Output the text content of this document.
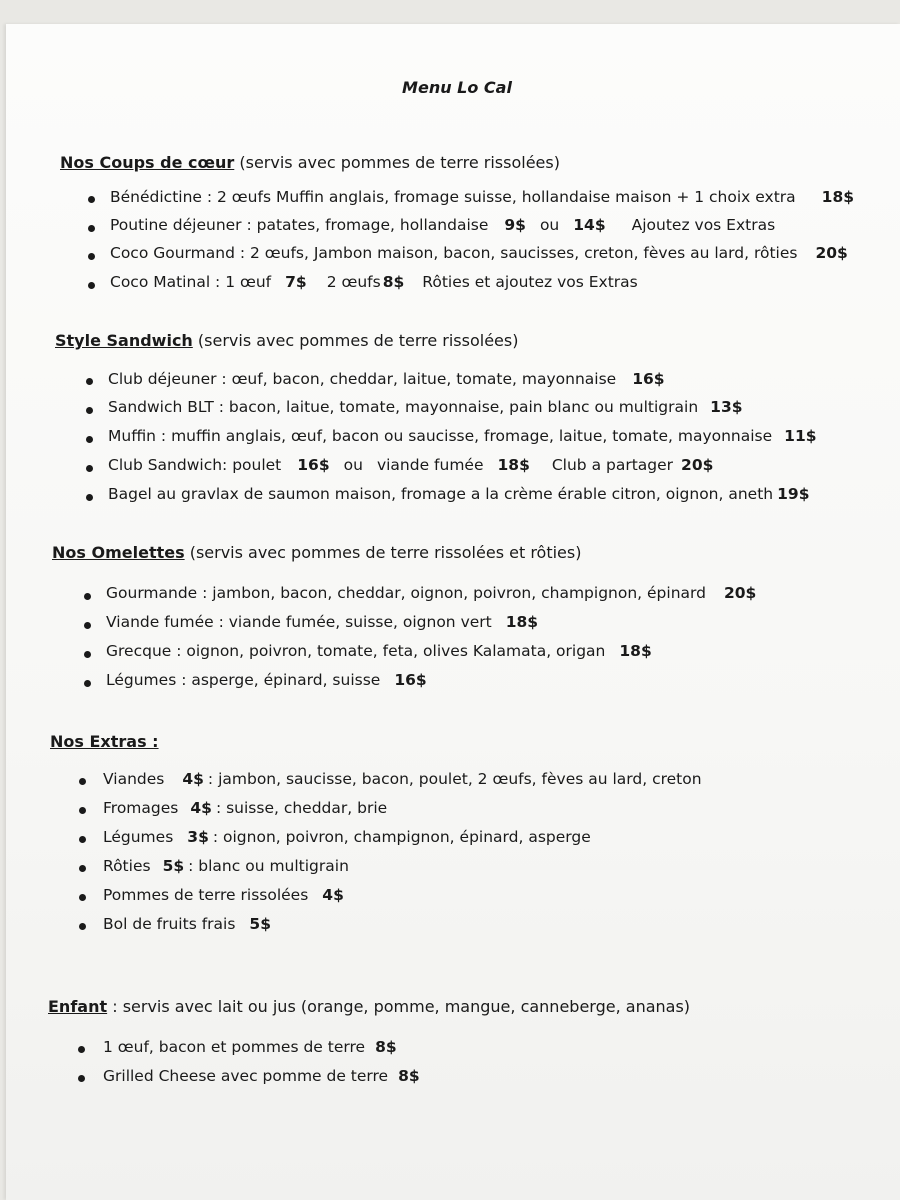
Menu Lo Cal
Nos Coups de cœur (servis avec pommes de terre rissolées)
Bénédictine : 2 œufs Muffin anglais, fromage suisse, hollandaise maison + 1 choix extra 18$
Poutine déjeuner : patates, fromage, hollandaise 9$ ou 14$ Ajoutez vos Extras
Coco Gourmand : 2 œufs, Jambon maison, bacon, saucisses, creton, fèves au lard, rôties 20$
Coco Matinal : 1 œuf 7$ 2 œufs 8$ Rôties et ajoutez vos Extras
Style Sandwich (servis avec pommes de terre rissolées)
Club déjeuner : œuf, bacon, cheddar, laitue, tomate, mayonnaise 16$
Sandwich BLT : bacon, laitue, tomate, mayonnaise, pain blanc ou multigrain 13$
Muffin : muffin anglais, œuf, bacon ou saucisse, fromage, laitue, tomate, mayonnaise 11$
Club Sandwich: poulet 16$ ou viande fumée 18$ Club a partager 20$
Bagel au gravlax de saumon maison, fromage a la crème érable citron, oignon, aneth 19$
Nos Omelettes (servis avec pommes de terre rissolées et rôties)
Gourmande : jambon, bacon, cheddar, oignon, poivron, champignon, épinard 20$
Viande fumée : viande fumée, suisse, oignon vert 18$
Grecque : oignon, poivron, tomate, feta, olives Kalamata, origan 18$
Légumes : asperge, épinard, suisse 16$
Nos Extras :
Viandes 4$ : jambon, saucisse, bacon, poulet, 2 œufs, fèves au lard, creton
Fromages 4$ : suisse, cheddar, brie
Légumes 3$ : oignon, poivron, champignon, épinard, asperge
Rôties 5$ : blanc ou multigrain
Pommes de terre rissolées 4$
Bol de fruits frais 5$
Enfant : servis avec lait ou jus (orange, pomme, mangue, canneberge, ananas)
1 œuf, bacon et pommes de terre 8$
Grilled Cheese avec pomme de terre 8$
